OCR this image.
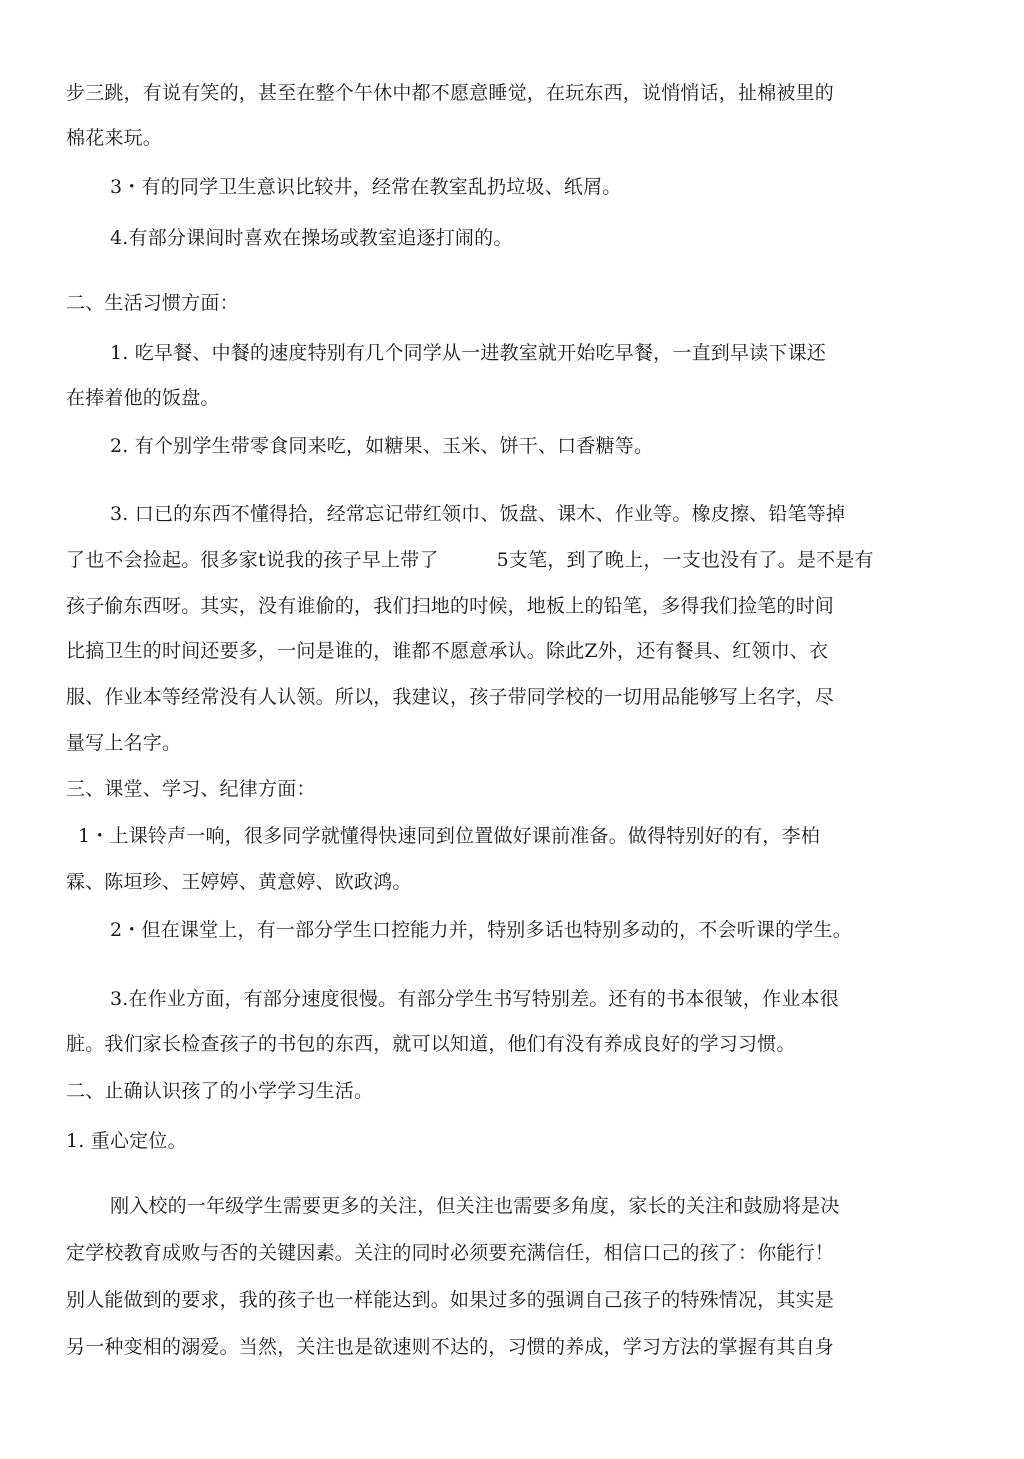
步三跳，有说有笑的，甚至在整个午休中都不愿意睡觉，在玩东西，说悄悄话，扯棉被里的
棉花来玩。
3・有的同学卫生意识比较井，经常在教室乱扔垃圾、纸屑。
4.有部分课间时喜欢在操场或教室追逐打闹的。
二、生活习惯方面：
1. 吃早餐、中餐的速度特别有几个同学从一进教室就开始吃早餐，一直到早读下课还
在捧着他的饭盘。
2. 有个别学生带零食同来吃，如糖果、玉米、饼干、口香糖等。
3. 口已的东西不懂得拾，经常忘记带红领巾、饭盘、课木、作业等。橡皮擦、铅笔等掉
了也不会捡起。很多家t说我的孩子早上带了	5支笔，到了晚上，一支也没有了。是不是有
孩子偷东西呀。其实，没有谁偷的，我们扫地的吋候，地板上的铅笔，多得我们捡笔的时间
比搞卫生的时间还要多，一问是谁的，谁都不愿意承认。除此Z外，还有餐具、红领巾、衣
服、作业本等经常没有人认领。所以，我建议，孩子带同学校的一切用品能够写上名字，尽
量写上名字。
三、课堂、学习、纪律方面：
1・上课铃声一响，很多同学就懂得快速同到位置做好课前准备。做得特别好的有，李柏
霖、陈垣珍、王婷婷、黄意婷、欧政鸿。
2・但在课堂上，有一部分学生口控能力并，特别多话也特别多动的，不会听课的学生。
3.在作业方面，有部分速度很慢。有部分学生书写特别差。还有的书本很皱，作业本很
脏。我们家长检查孩子的书包的东西，就可以知道，他们有没有养成良好的学习习惯。
二、止确认识孩了的小学学习生活。
1. 重心定位。
刚入校的一年级学生需要更多的关注，但关注也需要多角度，家长的关注和鼓励将是决
定学校教育成败与否的关键因素。关注的同时必须要充满信任，相信口己的孩了：你能行！
别人能做到的要求，我的孩子也一样能达到。如果过多的强调自己孩子的特殊情况，其实是
另一种变相的溺爱。当然，关注也是欲速则不达的，习惯的养成，学习方法的掌握有其自身
